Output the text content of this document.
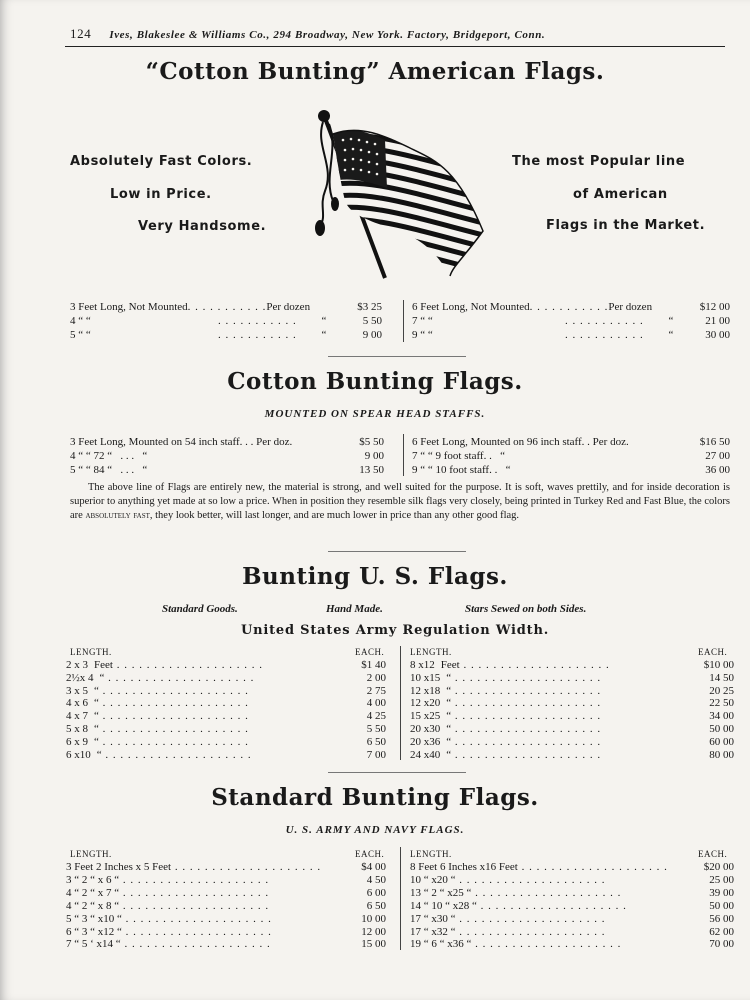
124 Ives, Blakeslee & Williams Co., 294 Broadway, New York. Factory, Bridgeport, Conn.
“Cotton Bunting” American Flags.
Absolutely Fast Colors.
Low in Price.
Very Handsome.
The most Popular line
of American
Flags in the Market.
3 Feet Long, Not Mounted. . . . . . . . . . .Per dozen	$3 25
4 “ “	. . . . . . . . . . . “	5 50
5 “ “	. . . . . . . . . . . “	9 00
6 Feet Long, Not Mounted. . . . . . . . . . .Per dozen	$12 00
7 “ “	. . . . . . . . . . . “	21 00
9 “ “	. . . . . . . . . . . “	30 00
Cotton Bunting Flags.
MOUNTED ON SPEAR HEAD STAFFS.
3 Feet Long, Mounted on 54 inch staff. . . Per doz.	$5 50
4 “ “ 72 “   . . .   “	9 00
5 “ “ 84 “   . . .   “	13 50
6 Feet Long, Mounted on 96 inch staff. . Per doz.	$16 50
7 “ “ 9 foot staff. .   “	27 00
9 “ “ 10 foot staff. .   “	36 00
The above line of Flags are entirely new, the material is strong, and well suited for the purpose. It is soft, waves prettily, and for inside decoration is superior to anything yet made at so low a price. When in position they resemble silk flags very closely, being printed in Turkey Red and Fast Blue, the colors are absolutely fast, they look better, will last longer, and are much lower in price than any other good flag.
Bunting U. S. Flags.
Standard Goods.	Hand Made.	Stars Sewed on both Sides.
United States Army Regulation Width.
LENGTH.	EACH.	LENGTH.	EACH.
2 x 3 Feet . . . . . . . . . . . . . . . . . . . .	$1 40
2½x 4 “ . . . . . . . . . . . . . . . . . . . .	2 00
3 x 5 “ . . . . . . . . . . . . . . . . . . . .	2 75
4 x 6 “ . . . . . . . . . . . . . . . . . . . .	4 00
4 x 7 “ . . . . . . . . . . . . . . . . . . . .	4 25
5 x 8 “ . . . . . . . . . . . . . . . . . . . .	5 50
6 x 9 “ . . . . . . . . . . . . . . . . . . . .	6 50
6 x10 “ . . . . . . . . . . . . . . . . . . . .	7 00
8 x12 Feet . . . . . . . . . . . . . . . . . . . .	$10 00
10 x15 “ . . . . . . . . . . . . . . . . . . . .	14 50
12 x18 “ . . . . . . . . . . . . . . . . . . . .	20 25
12 x20 “ . . . . . . . . . . . . . . . . . . . .	22 50
15 x25 “ . . . . . . . . . . . . . . . . . . . .	34 00
20 x30 “ . . . . . . . . . . . . . . . . . . . .	50 00
20 x36 “ . . . . . . . . . . . . . . . . . . . .	60 00
24 x40 “ . . . . . . . . . . . . . . . . . . . .	80 00
Standard Bunting Flags.
U. S. ARMY AND NAVY FLAGS.
LENGTH.	EACH.	LENGTH.	EACH.
3 Feet 2 Inches x 5 Feet . . . . . . . . . . . . . . . . . . . .	$4 00
3 “ 2 “ x 6 “ . . . . . . . . . . . . . . . . . . . .	4 50
4 “ 2 “ x 7 “ . . . . . . . . . . . . . . . . . . . .	6 00
4 “ 2 “ x 8 “ . . . . . . . . . . . . . . . . . . . .	6 50
5 “ 3 “ x10 “ . . . . . . . . . . . . . . . . . . . .	10 00
6 “ 3 “ x12 “ . . . . . . . . . . . . . . . . . . . .	12 00
7 “ 5 ‘ x14 “ . . . . . . . . . . . . . . . . . . . .	15 00
8 Feet 6 Inches x16 Feet . . . . . . . . . . . . . . . . . . . .	$20 00
10 “ x20 “ . . . . . . . . . . . . . . . . . . . .	25 00
13 “ 2 “ x25 “ . . . . . . . . . . . . . . . . . . . .	39 00
14 “ 10 “ x28 “ . . . . . . . . . . . . . . . . . . . .	50 00
17 “ x30 “ . . . . . . . . . . . . . . . . . . . .	56 00
17 “ x32 “ . . . . . . . . . . . . . . . . . . . .	62 00
19 “ 6 “ x36 “ . . . . . . . . . . . . . . . . . . . .	70 00
